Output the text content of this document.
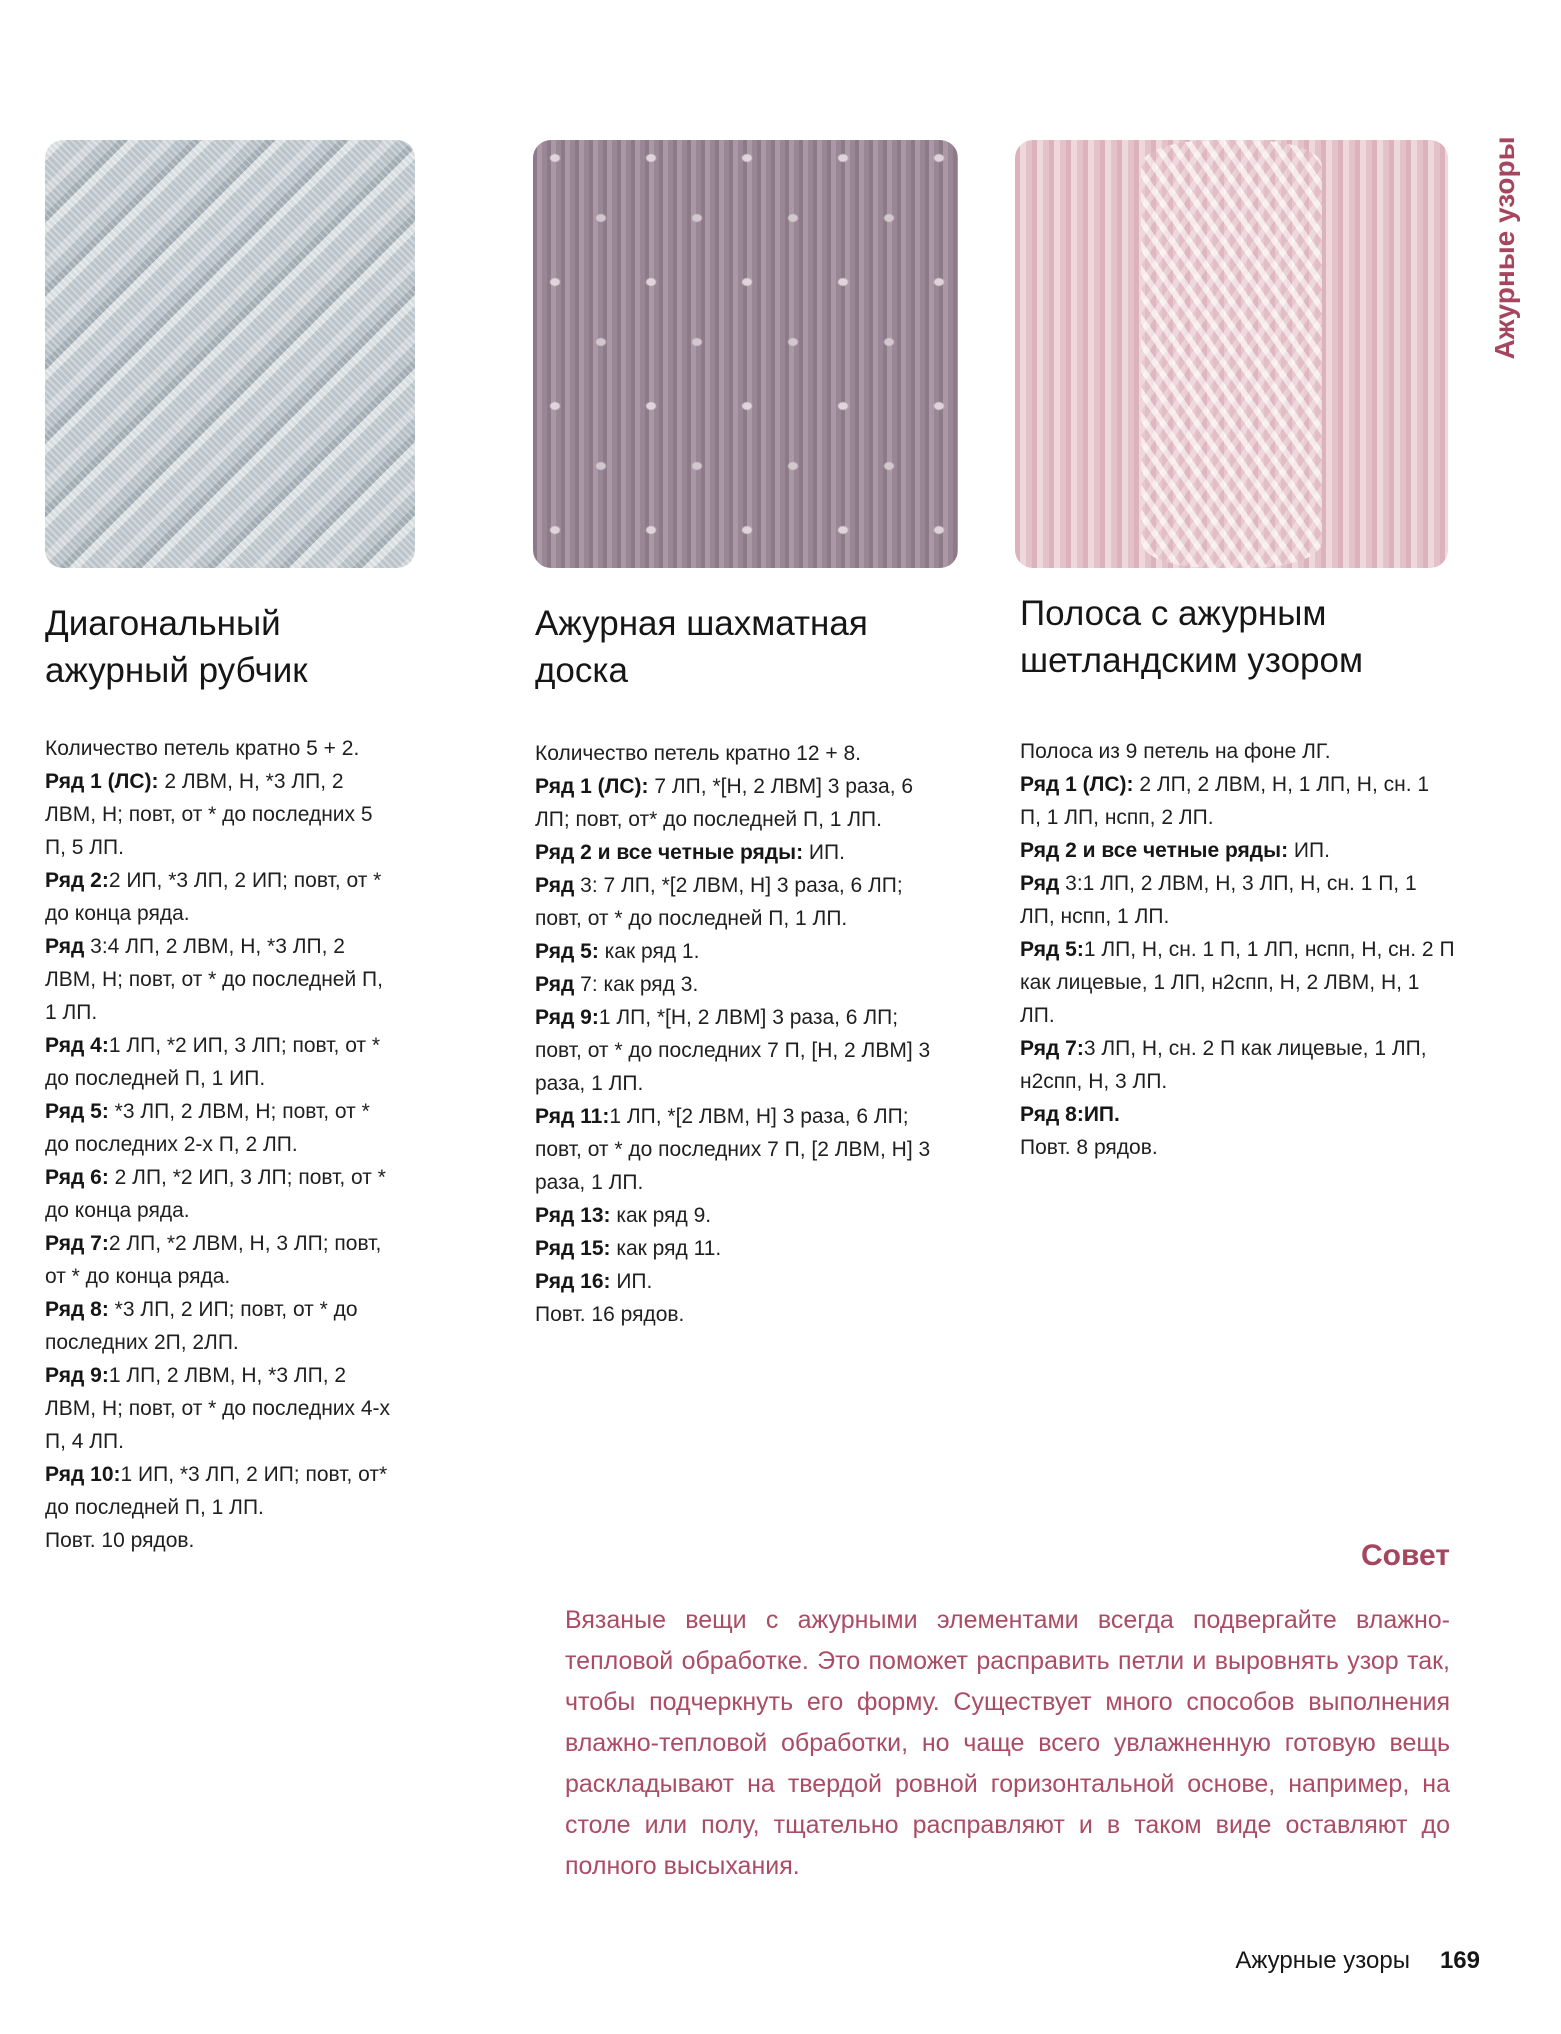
Ажурные узоры
Диагональный ажурный рубчик
Ажурная шахматная доска
Полоса с ажурным шетландским узором

Количество петель кратно 5 + 2.

Ряд 1 (ЛС): 2 ЛВМ, Н, *3 ЛП, 2 ЛВМ, Н; повт, от * до последних 5 П, 5 ЛП.

Ряд 2:2 ИП, *3 ЛП, 2 ИП; повт, от * до конца ряда.

Ряд 3:4 ЛП, 2 ЛВМ, Н, *3 ЛП, 2 ЛВМ, Н; повт, от * до последней П, 1 ЛП.

Ряд 4:1 ЛП, *2 ИП, 3 ЛП; повт, от * до последней П, 1 ИП.

Ряд 5: *3 ЛП, 2 ЛВМ, Н; повт, от * до последних 2-х П, 2 ЛП.

Ряд 6: 2 ЛП, *2 ИП, 3 ЛП; повт, от * до конца ряда.

Ряд 7:2 ЛП, *2 ЛВМ, Н, 3 ЛП; повт, от * до конца ряда.

Ряд 8: *3 ЛП, 2 ИП; повт, от * до последних 2П, 2ЛП.

Ряд 9:1 ЛП, 2 ЛВМ, Н, *3 ЛП, 2 ЛВМ, Н; повт, от * до последних 4-х П, 4 ЛП.

Ряд 10:1 ИП, *3 ЛП, 2 ИП; повт, от* до последней П, 1 ЛП.

Повт. 10 рядов.

Количество петель кратно 12 + 8.

Ряд 1 (ЛС): 7 ЛП, *[Н, 2 ЛВМ] 3 раза, 6 ЛП; повт, от* до последней П, 1 ЛП.

Ряд 2 и все четные ряды: ИП.

Ряд 3: 7 ЛП, *[2 ЛВМ, Н] 3 раза, 6 ЛП; повт, от * до последней П, 1 ЛП.

Ряд 5: как ряд 1.

Ряд 7: как ряд 3.

Ряд 9:1 ЛП, *[Н, 2 ЛВМ] 3 раза, 6 ЛП; повт, от * до последних 7 П, [Н, 2 ЛВМ] 3 раза, 1 ЛП.

Ряд 11:1 ЛП, *[2 ЛВМ, Н] 3 раза, 6 ЛП; повт, от * до последних 7 П, [2 ЛВМ, Н] 3 раза, 1 ЛП.

Ряд 13: как ряд 9.

Ряд 15: как ряд 11.

Ряд 16: ИП.

Повт. 16 рядов.

Полоса из 9 петель на фоне ЛГ.

Ряд 1 (ЛС): 2 ЛП, 2 ЛВМ, Н, 1 ЛП, Н, сн. 1 П, 1 ЛП, нспп, 2 ЛП.

Ряд 2 и все четные ряды: ИП.

Ряд 3:1 ЛП, 2 ЛВМ, Н, 3 ЛП, Н, сн. 1 П, 1 ЛП, нспп, 1 ЛП.

Ряд 5:1 ЛП, Н, сн. 1 П, 1 ЛП, нспп, Н, сн. 2 П как лицевые, 1 ЛП, н2спп, Н, 2 ЛВМ, Н, 1 ЛП.

Ряд 7:3 ЛП, Н, сн. 2 П как лицевые, 1 ЛП, н2спп, Н, 3 ЛП.

Ряд 8:ИП.

Повт. 8 рядов.

Совет

Вязаные вещи с ажурными элементами всегда подвергайте влажно-тепловой обработке. Это поможет расправить петли и выровнять узор так, чтобы подчеркнуть его форму. Существует много способов выполнения влажно-тепловой обработки, но чаще всего увлажненную готовую вещь раскладывают на твердой ровной горизонтальной основе, например, на столе или полу, тщательно расправляют и в таком виде оставляют до полного высыхания.

Ажурные узоры 169
